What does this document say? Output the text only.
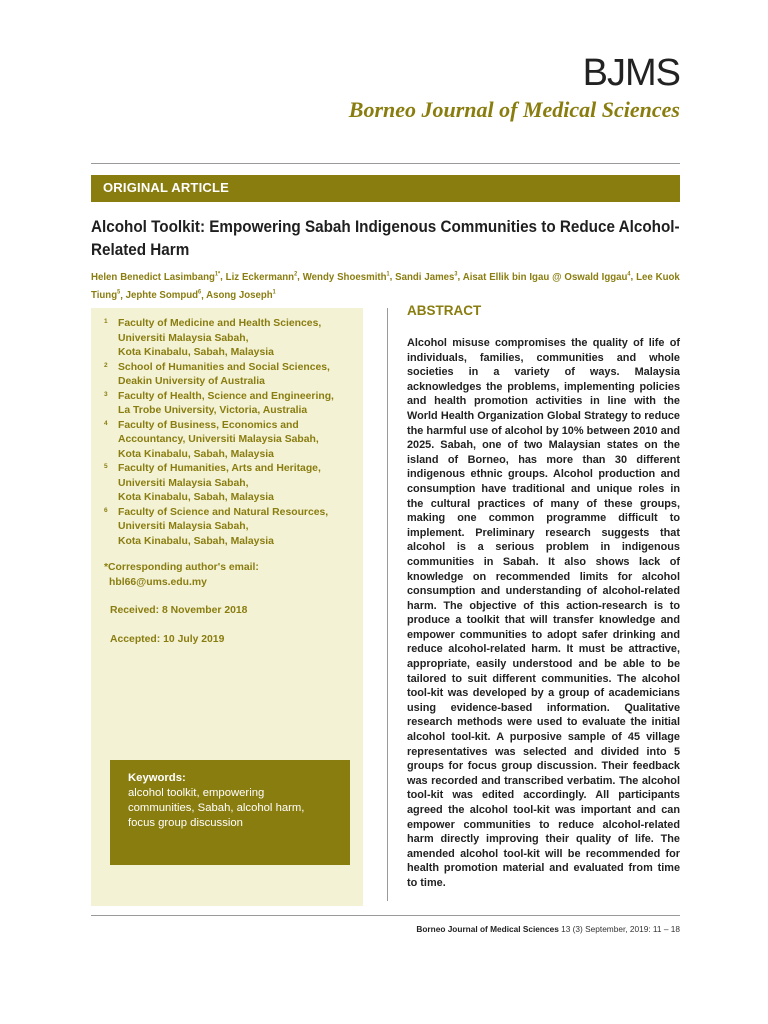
BJMS
Borneo Journal of Medical Sciences
ORIGINAL ARTICLE
Alcohol Toolkit: Empowering Sabah Indigenous Communities to Reduce Alcohol-Related Harm
Helen Benedict Lasimbang$^{1*}$, Liz Eckermann$^2$, Wendy Shoesmith$^1$, Sandi James$^3$, Aisat Ellik bin Igau @ Oswald Iggau$^4$, Lee Kuok Tiung$^5$, Jephte Sompud$^6$, Asong Joseph$^1$
1 Faculty of Medicine and Health Sciences,
Universiti Malaysia Sabah,
Kota Kinabalu, Sabah, Malaysia
2 School of Humanities and Social Sciences,
Deakin University of Australia
3 Faculty of Health, Science and Engineering,
La Trobe University, Victoria, Australia
4 Faculty of Business, Economics and
Accountancy, Universiti Malaysia Sabah,
Kota Kinabalu, Sabah, Malaysia
5 Faculty of Humanities, Arts and Heritage,
Universiti Malaysia Sabah,
Kota Kinabalu, Sabah, Malaysia
6 Faculty of Science and Natural Resources,
Universiti Malaysia Sabah,
Kota Kinabalu, Sabah, Malaysia
*Corresponding author's email:
hbl66@ums.edu.my
Received: 8 November 2018
Accepted: 10 July 2019
Keywords:
alcohol toolkit, empowering communities, Sabah, alcohol harm, focus group discussion
ABSTRACT
Alcohol misuse compromises the quality of life of individuals, families, communities and whole societies in a variety of ways. Malaysia acknowledges the problems, implementing policies and health promotion activities in line with the World Health Organization Global Strategy to reduce the harmful use of alcohol by 10% between 2010 and 2025. Sabah, one of two Malaysian states on the island of Borneo, has more than 30 different indigenous ethnic groups. Alcohol production and consumption have traditional and unique roles in the cultural practices of many of these groups, making one common programme difficult to implement. Preliminary research suggests that alcohol is a serious problem in indigenous communities in Sabah. It also shows lack of knowledge on recommended limits for alcohol consumption and understanding of alcohol-related harm. The objective of this action-research is to produce a toolkit that will transfer knowledge and empower communities to adopt safer drinking and reduce alcohol-related harm. It must be attractive, appropriate, easily understood and be able to be tailored to suit different communities. The alcohol tool-kit was developed by a group of academicians using evidence-based information. Qualitative research methods were used to evaluate the initial alcohol tool-kit. A purposive sample of 45 village representatives was selected and divided into 5 groups for focus group discussion. Their feedback was recorded and transcribed verbatim. The alcohol tool-kit was edited accordingly. All participants agreed the alcohol tool-kit was important and can empower communities to reduce alcohol-related harm directly improving their quality of life. The amended alcohol tool-kit will be recommended for health promotion material and evaluated from time to time.
Borneo Journal of Medical Sciences 13 (3) September, 2019: 11 – 18
